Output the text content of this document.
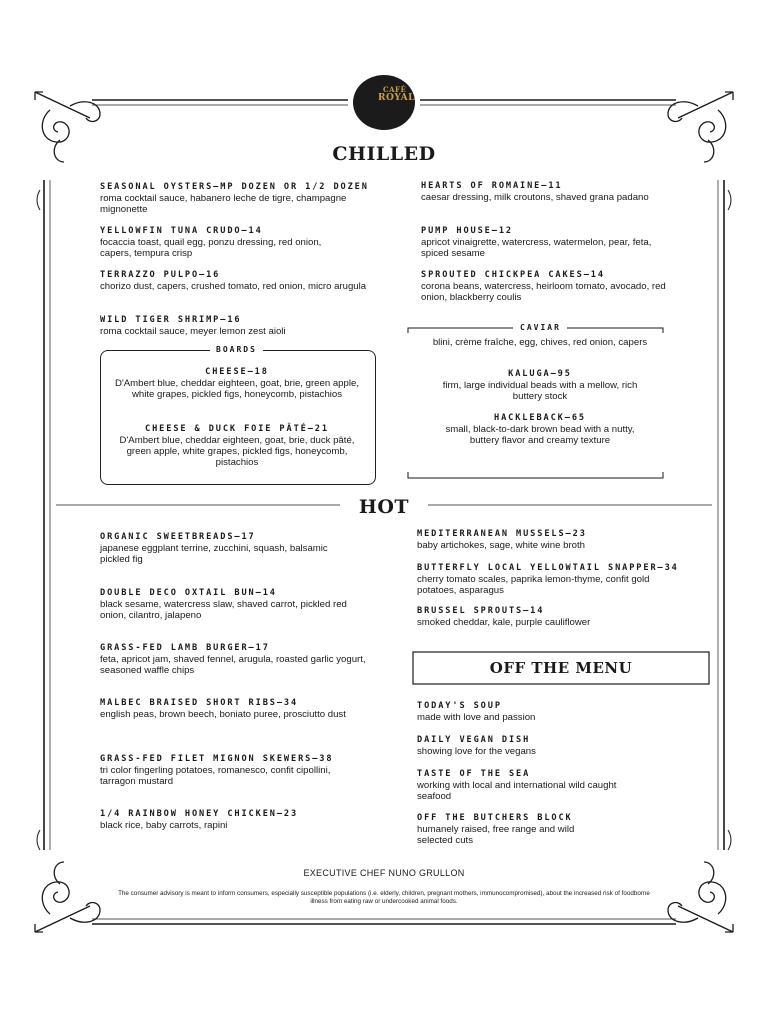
CAFÉ
ROYAL
CHILLED
SEASONAL OYSTERS—MP DOZEN OR 1/2 DOZEN
roma cocktail sauce, habanero leche de tigre, champagne mignonette
YELLOWFIN TUNA CRUDO—14
focaccia toast, quail egg, ponzu dressing, red onion, capers, tempura crisp
TERRAZZO PULPO—16
chorizo dust, capers, crushed tomato, red onion, micro arugula
WILD TIGER SHRIMP—16
roma cocktail sauce, meyer lemon zest aioli
BOARDS
CHEESE—18
D'Ambert blue, cheddar eighteen, goat, brie, green apple, white grapes, pickled figs, honeycomb, pistachios
CHEESE & DUCK FOIE PÂTÉ—21
D'Ambert blue, cheddar eighteen, goat, brie, duck pâté, green apple, white grapes, pickled figs, honeycomb, pistachios
HEARTS OF ROMAINE—11
caesar dressing, milk croutons, shaved grana padano
PUMP HOUSE—12
apricot vinaigrette, watercress, watermelon, pear, feta, spiced sesame
SPROUTED CHICKPEA CAKES—14
corona beans, watercress, heirloom tomato, avocado, red onion, blackberry coulis
CAVIAR
blini, crème fraîche, egg, chives, red onion, capers
KALUGA—95
firm, large individual beads with a mellow, rich buttery stock
HACKLEBACK—65
small, black-to-dark brown bead with a nutty, buttery flavor and creamy texture
HOT
ORGANIC SWEETBREADS—17
japanese eggplant terrine, zucchini, squash, balsamic pickled fig
DOUBLE DECO OXTAIL BUN—14
black sesame, watercress slaw, shaved carrot, pickled red onion, cilantro, jalapeno
GRASS-FED LAMB BURGER—17
feta, apricot jam, shaved fennel, arugula, roasted garlic yogurt, seasoned waffle chips
MALBEC BRAISED SHORT RIBS—34
english peas, brown beech, boniato puree, prosciutto dust
GRASS-FED FILET MIGNON SKEWERS—38
tri color fingerling potatoes, romanesco, confit cipollini, tarragon mustard
1/4 RAINBOW HONEY CHICKEN—23
black rice, baby carrots, rapini
MEDITERRANEAN MUSSELS—23
baby artichokes, sage, white wine broth
BUTTERFLY LOCAL YELLOWTAIL SNAPPER—34
cherry tomato scales, paprika lemon-thyme, confit gold potatoes, asparagus
BRUSSEL SPROUTS—14
smoked cheddar, kale, purple cauliflower
OFF THE MENU
TODAY'S SOUP
made with love and passion
DAILY VEGAN DISH
showing love for the vegans
TASTE OF THE SEA
working with local and international wild caught seafood
OFF THE BUTCHERS BLOCK
humanely raised, free range and wild selected cuts
EXECUTIVE CHEF NUNO GRULLON
The consumer advisory is meant to inform consumers, especially susceptible populations (i.e. elderly, children, pregnant mothers, immunocompromised), about the increased risk of foodborne illness from eating raw or undercooked animal foods.
